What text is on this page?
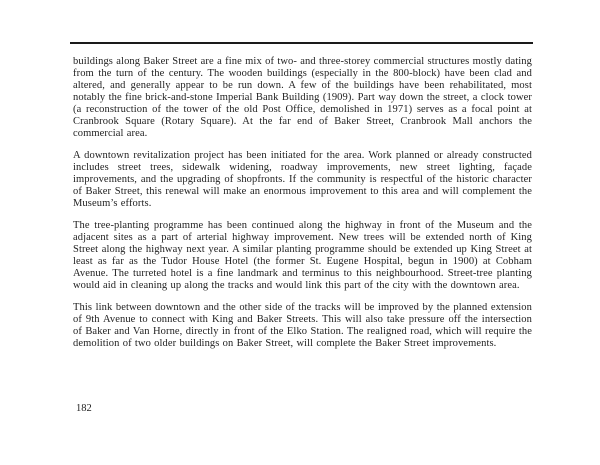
buildings along Baker Street are a fine mix of two- and three-storey commercial structures mostly dating from the turn of the century. The wooden buildings (especially in the 800-block) have been clad and altered, and generally appear to be run down. A few of the buildings have been rehabilitated, most notably the fine brick-and-stone Imperial Bank Building (1909). Part way down the street, a clock tower (a reconstruction of the tower of the old Post Office, demolished in 1971) serves as a focal point at Cranbrook Square (Rotary Square). At the far end of Baker Street, Cranbrook Mall anchors the commercial area.

A downtown revitalization project has been initiated for the area. Work planned or already constructed includes street trees, sidewalk widening, roadway improvements, new street lighting, façade improvements, and the upgrading of shopfronts. If the community is respectful of the historic character of Baker Street, this renewal will make an enormous improvement to this area and will complement the Museum’s efforts.

The tree-planting programme has been continued along the highway in front of the Museum and the adjacent sites as a part of arterial highway improvement. New trees will be extended north of King Street along the highway next year. A similar planting programme should be extended up King Street at least as far as the Tudor House Hotel (the former St. Eugene Hospital, begun in 1900) at Cobham Avenue. The turreted hotel is a fine landmark and terminus to this neighbourhood. Street-tree planting would aid in cleaning up along the tracks and would link this part of the city with the downtown area.

This link between downtown and the other side of the tracks will be improved by the planned extension of 9th Avenue to connect with King and Baker Streets. This will also take pressure off the intersection of Baker and Van Horne, directly in front of the Elko Station. The realigned road, which will require the demolition of two older buildings on Baker Street, will complete the Baker Street improvements.

182
